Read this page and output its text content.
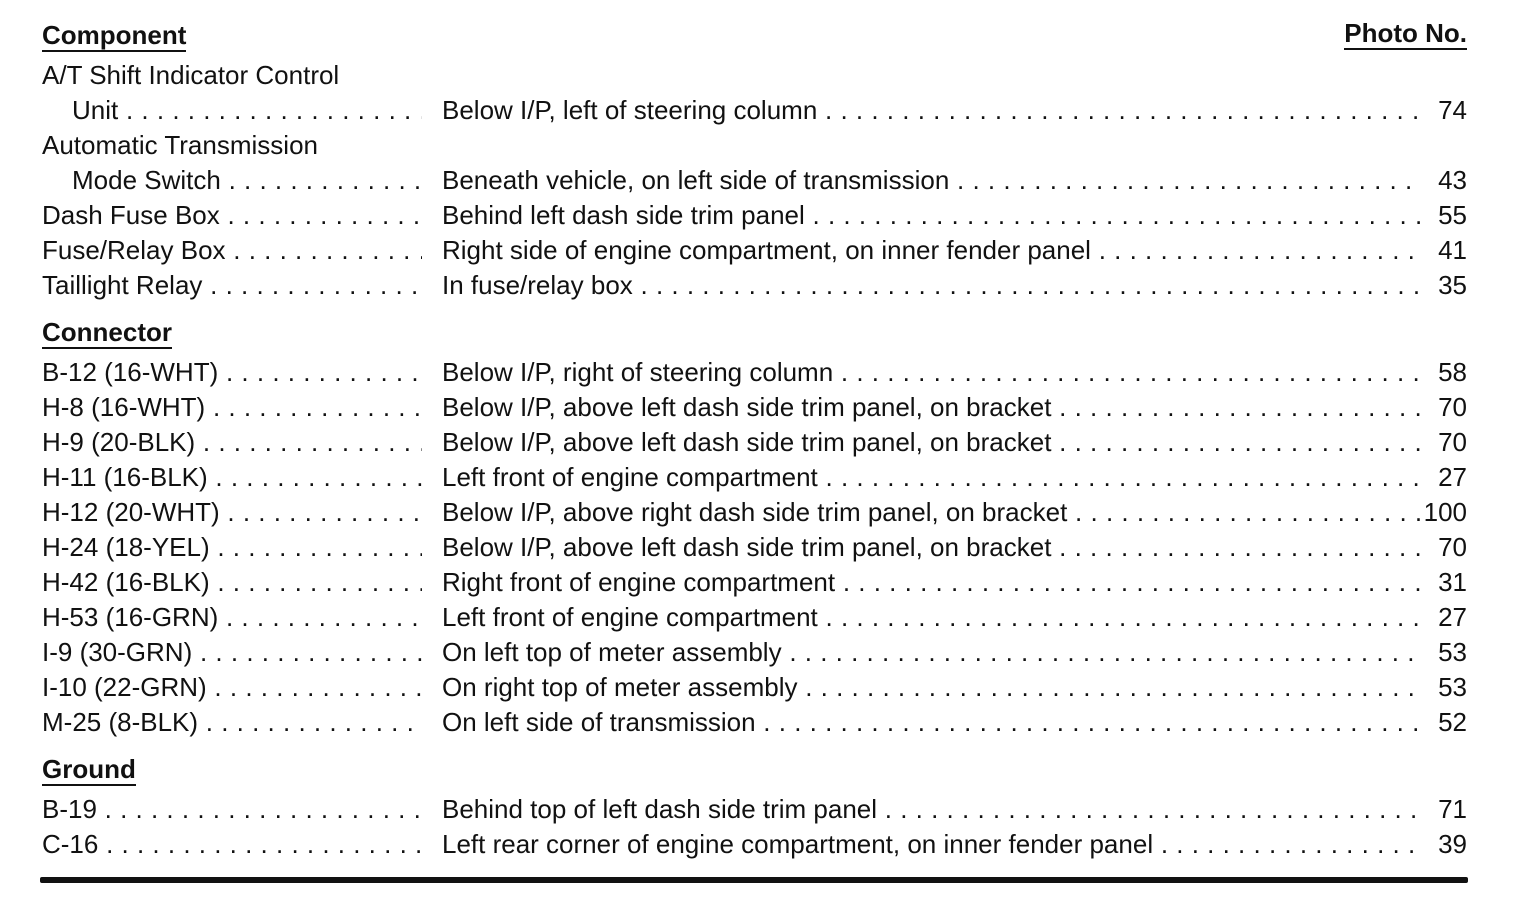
Component	Photo No.
A/T Shift Indicator Control
Unit . . .	Below I/P, left of steering column . . .	74
Automatic Transmission
Mode Switch . . .	Beneath vehicle, on left side of transmission . . .	43
Dash Fuse Box . . .	Behind left dash side trim panel . . .	55
Fuse/Relay Box . . .	Right side of engine compartment, on inner fender panel . . .	41
Taillight Relay . . .	In fuse/relay box . . .	35
Connector
B-12 (16-WHT) . . .	Below I/P, right of steering column . . .	58
H-8 (16-WHT) . . .	Below I/P, above left dash side trim panel, on bracket . . .	70
H-9 (20-BLK) . . .	Below I/P, above left dash side trim panel, on bracket . . .	70
H-11 (16-BLK) . . .	Left front of engine compartment . . .	27
H-12 (20-WHT) . . .	Below I/P, above right dash side trim panel, on bracket . . .	100
H-24 (18-YEL) . . .	Below I/P, above left dash side trim panel, on bracket . . .	70
H-42 (16-BLK) . . .	Right front of engine compartment . . .	31
H-53 (16-GRN) . . .	Left front of engine compartment . . .	27
I-9 (30-GRN) . . .	On left top of meter assembly . . .	53
I-10 (22-GRN) . . .	On right top of meter assembly . . .	53
M-25 (8-BLK) . . .	On left side of transmission . . .	52
Ground
B-19 . . .	Behind top of left dash side trim panel . . .	71
C-16 . . .	Left rear corner of engine compartment, on inner fender panel . . .	39
